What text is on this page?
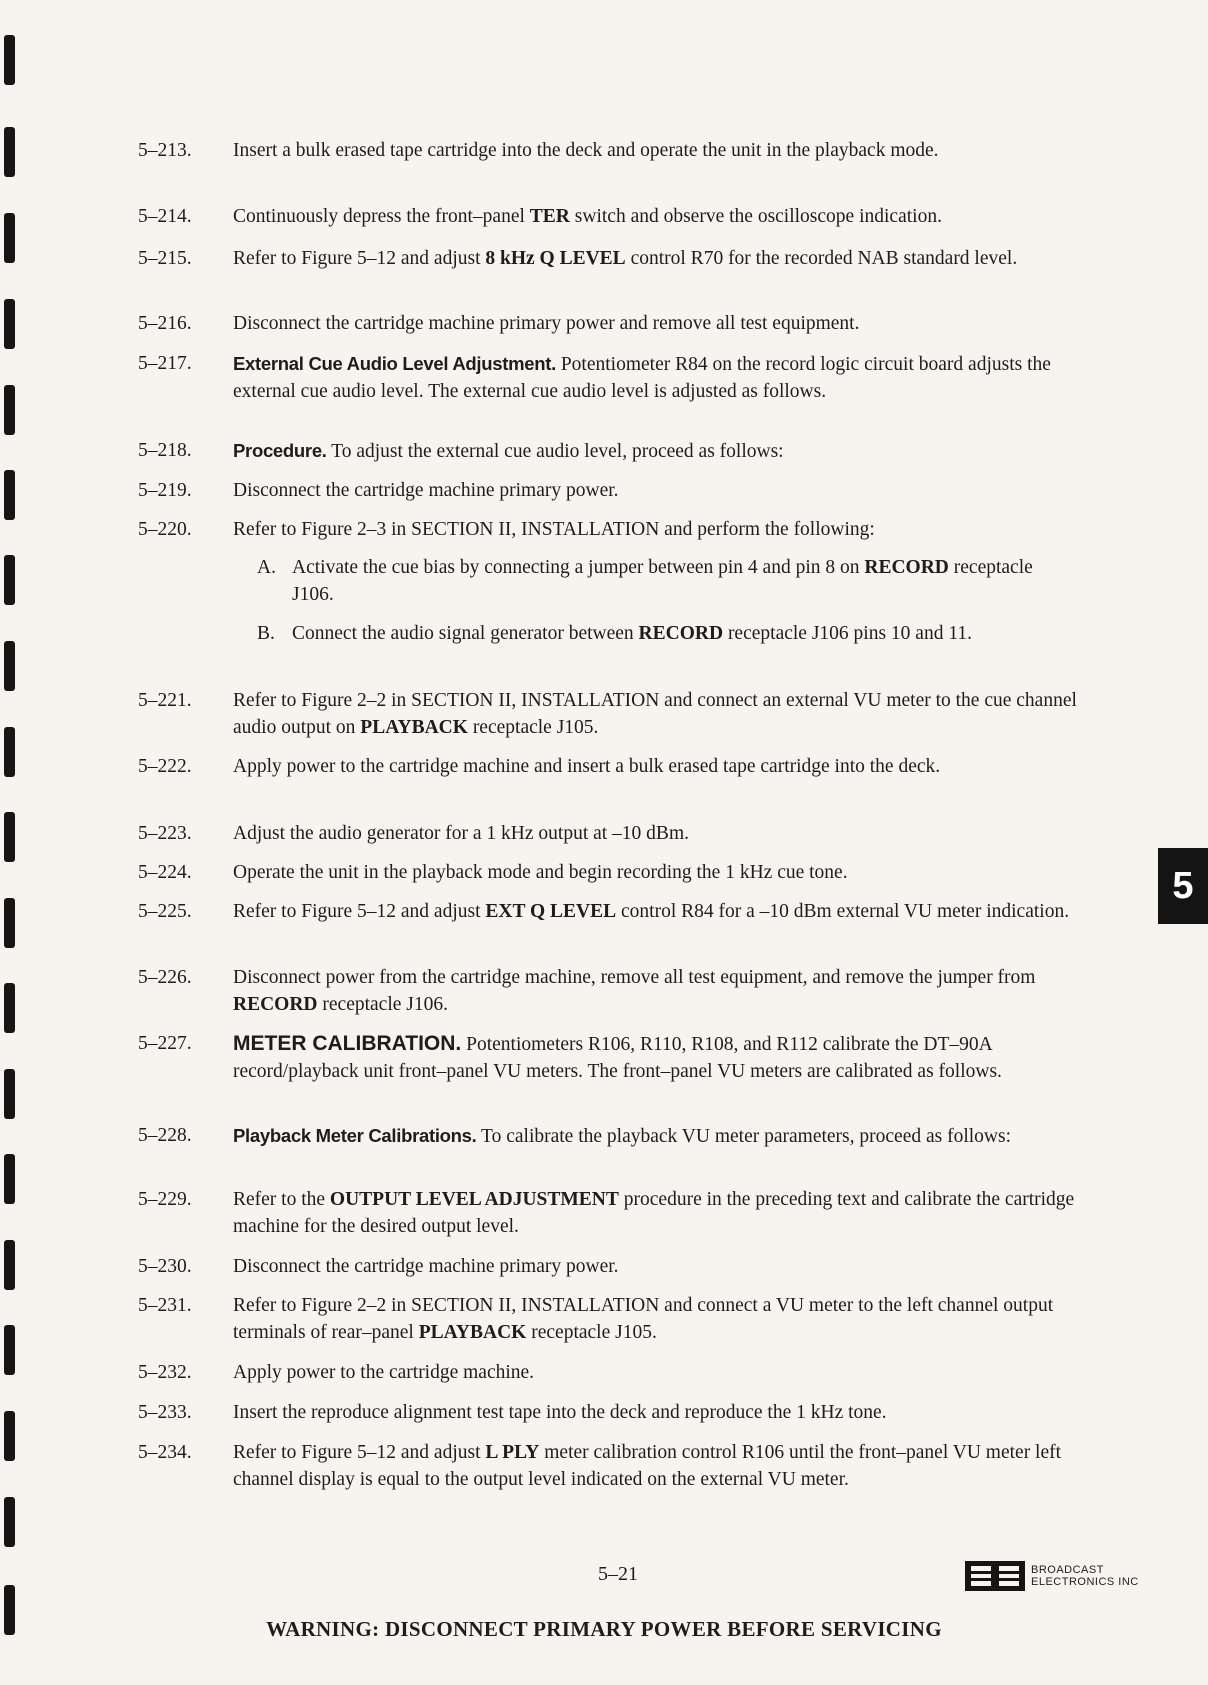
5
5–213.	Insert a bulk erased tape cartridge into the deck and operate the unit in the playback mode.
5–214.	Continuously depress the front–panel TER switch and observe the oscilloscope indication.
5–215.	Refer to Figure 5–12 and adjust 8 kHz Q LEVEL control R70 for the recorded NAB standard level.
5–216.	Disconnect the cartridge machine primary power and remove all test equipment.
5–217.	External Cue Audio Level Adjustment. Potentiometer R84 on the record logic circuit board adjusts the external cue audio level. The external cue audio level is adjusted as follows.
5–218.	Procedure. To adjust the external cue audio level, proceed as follows:
5–219.	Disconnect the cartridge machine primary power.
5–220.	Refer to Figure 2–3 in SECTION II, INSTALLATION and perform the following:
A. Activate the cue bias by connecting a jumper between pin 4 and pin 8 on RECORD receptacle J106.
B. Connect the audio signal generator between RECORD receptacle J106 pins 10 and 11.
5–221.	Refer to Figure 2–2 in SECTION II, INSTALLATION and connect an external VU meter to the cue channel audio output on PLAYBACK receptacle J105.
5–222.	Apply power to the cartridge machine and insert a bulk erased tape cartridge into the deck.
5–223.	Adjust the audio generator for a 1 kHz output at –10 dBm.
5–224.	Operate the unit in the playback mode and begin recording the 1 kHz cue tone.
5–225.	Refer to Figure 5–12 and adjust EXT Q LEVEL control R84 for a –10 dBm external VU meter indication.
5–226.	Disconnect power from the cartridge machine, remove all test equipment, and remove the jumper from RECORD receptacle J106.
5–227.	METER CALIBRATION. Potentiometers R106, R110, R108, and R112 calibrate the DT–90A record/playback unit front–panel VU meters. The front–panel VU meters are calibrated as follows.
5–228.	Playback Meter Calibrations. To calibrate the playback VU meter parameters, proceed as follows:
5–229.	Refer to the OUTPUT LEVEL ADJUSTMENT procedure in the preceding text and calibrate the cartridge machine for the desired output level.
5–230.	Disconnect the cartridge machine primary power.
5–231.	Refer to Figure 2–2 in SECTION II, INSTALLATION and connect a VU meter to the left channel output terminals of rear–panel PLAYBACK receptacle J105.
5–232.	Apply power to the cartridge machine.
5–233.	Insert the reproduce alignment test tape into the deck and reproduce the 1 kHz tone.
5–234.	Refer to Figure 5–12 and adjust L PLY meter calibration control R106 until the front–panel VU meter left channel display is equal to the output level indicated on the external VU meter.
5–21	BROADCAST
ELECTRONICS INC
WARNING: DISCONNECT PRIMARY POWER BEFORE SERVICING
